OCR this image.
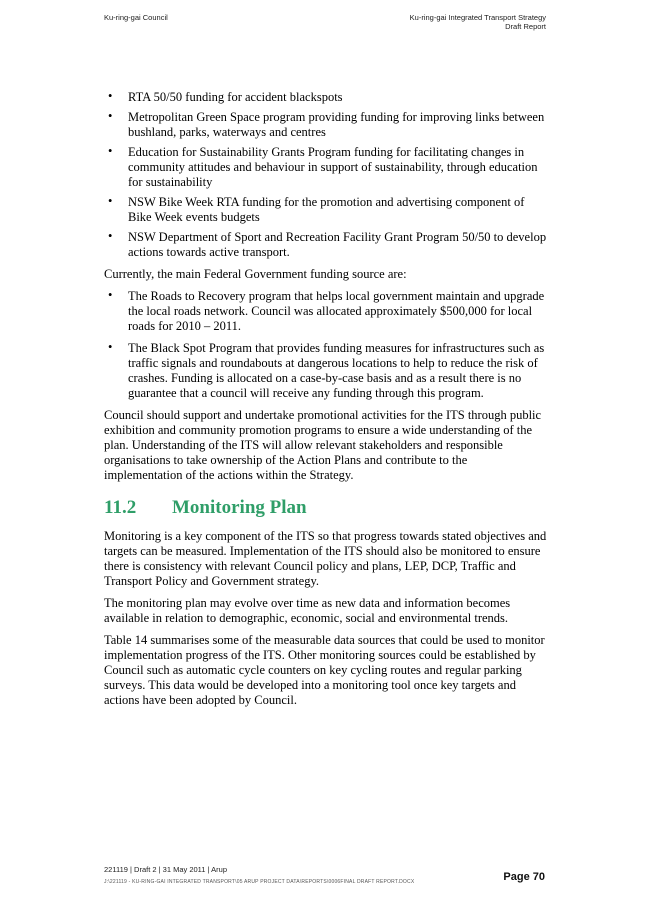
Ku-ring-gai Council	Ku-ring-gai Integrated Transport Strategy
Draft Report
• RTA 50/50 funding for accident blackspots
• Metropolitan Green Space program providing funding for improving links between bushland, parks, waterways and centres
• Education for Sustainability Grants Program funding for facilitating changes in community attitudes and behaviour in support of sustainability, through education for sustainability
• NSW Bike Week RTA funding for the promotion and advertising component of Bike Week events budgets
• NSW Department of Sport and Recreation Facility Grant Program 50/50 to develop actions towards active transport.

Currently, the main Federal Government funding source are:

• The Roads to Recovery program that helps local government maintain and upgrade the local roads network. Council was allocated approximately $500,000 for local roads for 2010 – 2011.
• The Black Spot Program that provides funding measures for infrastructures such as traffic signals and roundabouts at dangerous locations to help to reduce the risk of crashes. Funding is allocated on a case-by-case basis and as a result there is no guarantee that a council will receive any funding through this program.

Council should support and undertake promotional activities for the ITS through public exhibition and community promotion programs to ensure a wide understanding of the plan. Understanding of the ITS will allow relevant stakeholders and responsible organisations to take ownership of the Action Plans and contribute to the implementation of the actions within the Strategy.

11.2 Monitoring Plan

Monitoring is a key component of the ITS so that progress towards stated objectives and targets can be measured. Implementation of the ITS should also be monitored to ensure there is consistency with relevant Council policy and plans, LEP, DCP, Traffic and Transport Policy and Government strategy.

The monitoring plan may evolve over time as new data and information becomes available in relation to demographic, economic, social and environmental trends.

Table 14 summarises some of the measurable data sources that could be used to monitor implementation progress of the ITS. Other monitoring sources could be established by Council such as automatic cycle counters on key cycling routes and regular parking surveys. This data would be developed into a monitoring tool once key targets and actions have been adopted by Council.

221119 | Draft 2 | 31 May 2011 | Arup
J:\221119 - KU-RING-GAI INTEGRATED TRANSPORT\05 ARUP PROJECT DATA\REPORTS\0006FINAL DRAFT REPORT.DOCX	Page 70
